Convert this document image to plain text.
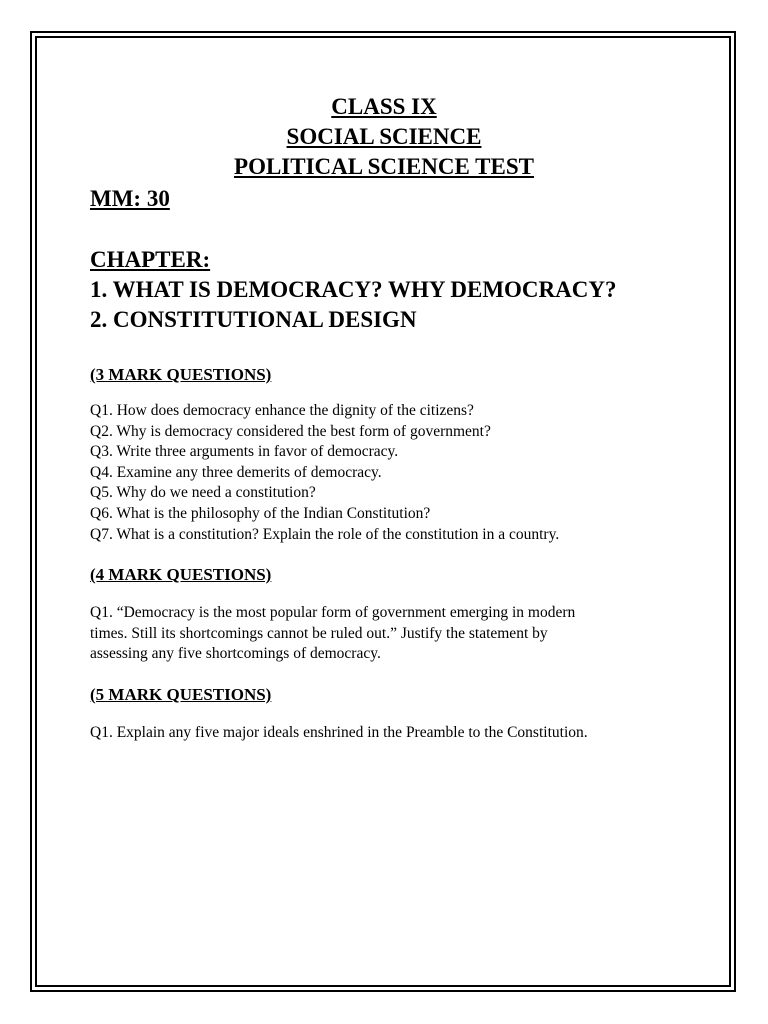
CLASS IX
SOCIAL SCIENCE
POLITICAL SCIENCE TEST
MM: 30
CHAPTER:
1. WHAT IS DEMOCRACY? WHY DEMOCRACY?
2. CONSTITUTIONAL DESIGN
(3 MARK QUESTIONS)
Q1. How does democracy enhance the dignity of the citizens?
Q2. Why is democracy considered the best form of government?
Q3. Write three arguments in favor of democracy.
Q4. Examine any three demerits of democracy.
Q5. Why do we need a constitution?
Q6. What is the philosophy of the Indian Constitution?
Q7. What is a constitution? Explain the role of the constitution in a country.
(4 MARK QUESTIONS)
Q1. “Democracy is the most popular form of government emerging in modern
times. Still its shortcomings cannot be ruled out.” Justify the statement by
assessing any five shortcomings of democracy.
(5 MARK QUESTIONS)
Q1. Explain any five major ideals enshrined in the Preamble to the Constitution.
